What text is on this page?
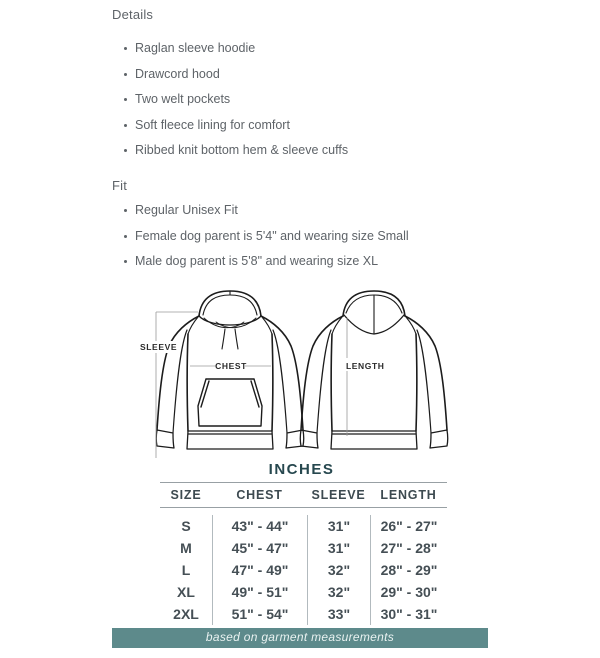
Details
Raglan sleeve hoodie
Drawcord hood
Two welt pockets
Soft fleece lining for comfort
Ribbed knit bottom hem & sleeve cuffs
Fit
Regular Unisex Fit
Female dog parent is 5'4" and wearing size Small
Male dog parent is 5'8" and wearing size XL
SLEEVE
CHEST	LENGTH
INCHES
SIZE	CHEST	SLEEVE	LENGTH
S	43" - 44"	31"	26" - 27"
M	45" - 47"	31"	27" - 28"
L	47" - 49"	32"	28" - 29"
XL	49" - 51"	32"	29" - 30"
2XL	51" - 54"	33"	30" - 31"
based on garment measurements
